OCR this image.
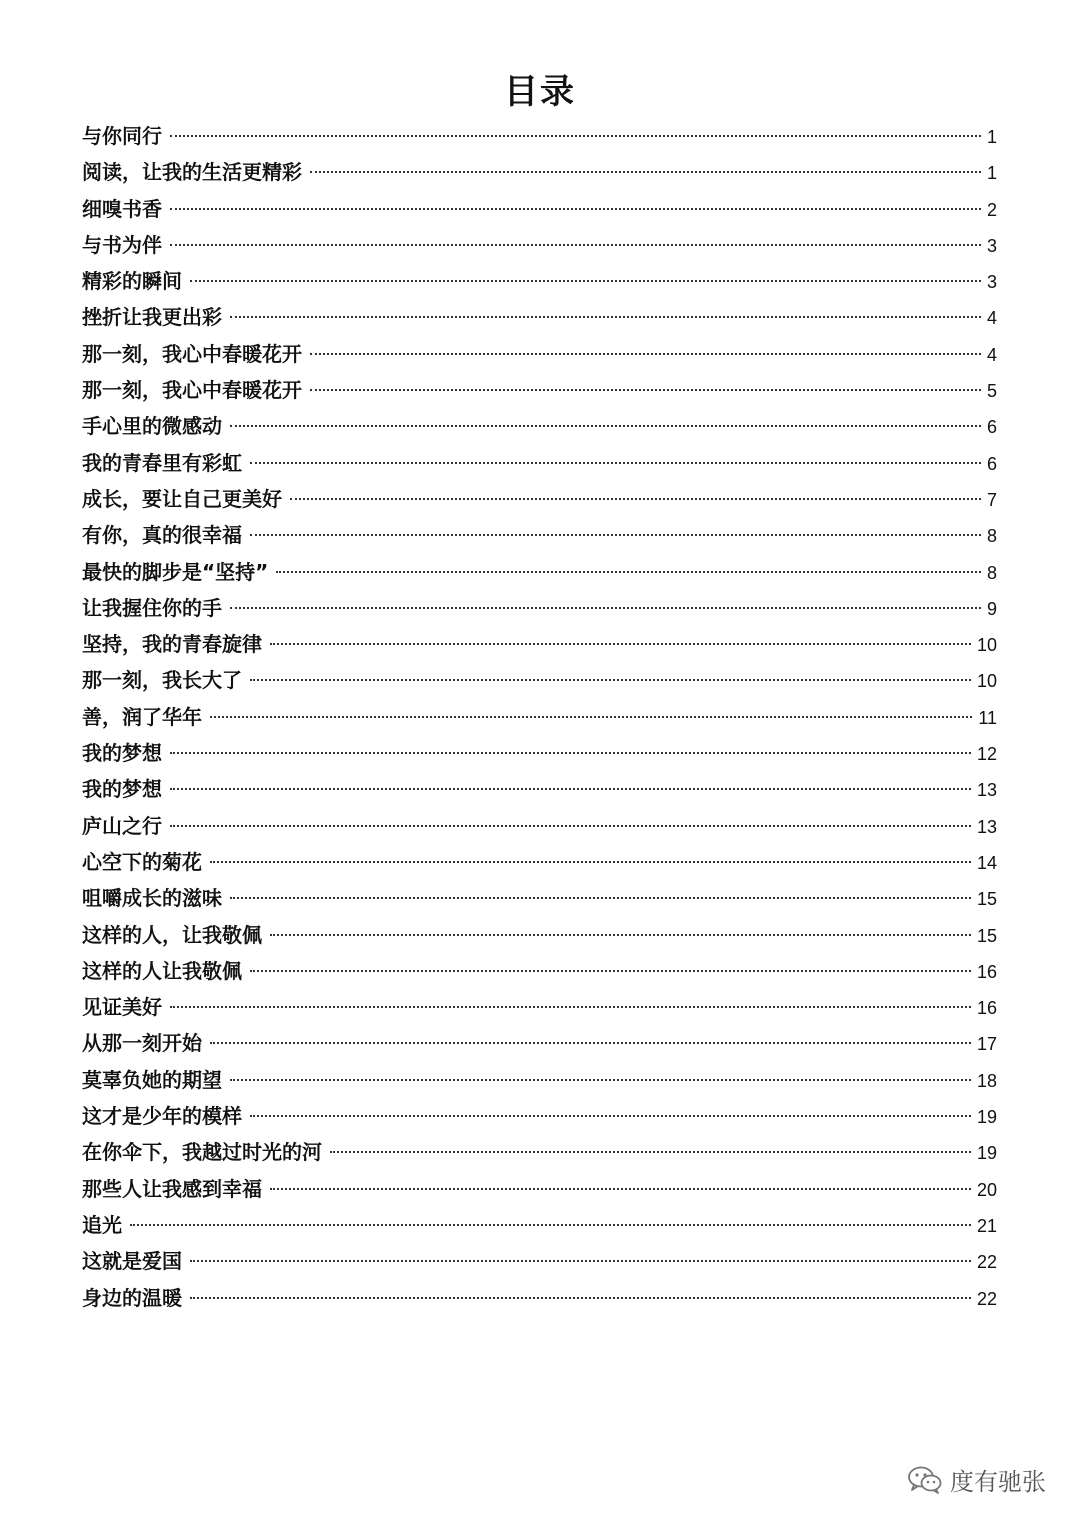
目录
与你同行	1
阅读，让我的生活更精彩	1
细嗅书香	2
与书为伴	3
精彩的瞬间	3
挫折让我更出彩	4
那一刻，我心中春暖花开	4
那一刻，我心中春暖花开	5
手心里的微感动	6
我的青春里有彩虹	6
成长，要让自己更美好	7
有你，真的很幸福	8
最快的脚步是“坚持”	8
让我握住你的手	9
坚持，我的青春旋律	10
那一刻，我长大了	10
善，润了华年	11
我的梦想	12
我的梦想	13
庐山之行	13
心空下的菊花	14
咀嚼成长的滋味	15
这样的人，让我敬佩	15
这样的人让我敬佩	16
见证美好	16
从那一刻开始	17
莫辜负她的期望	18
这才是少年的模样	19
在你伞下，我越过时光的河	19
那些人让我感到幸福	20
追光	21
这就是爱国	22
身边的温暖	22
度有驰张
